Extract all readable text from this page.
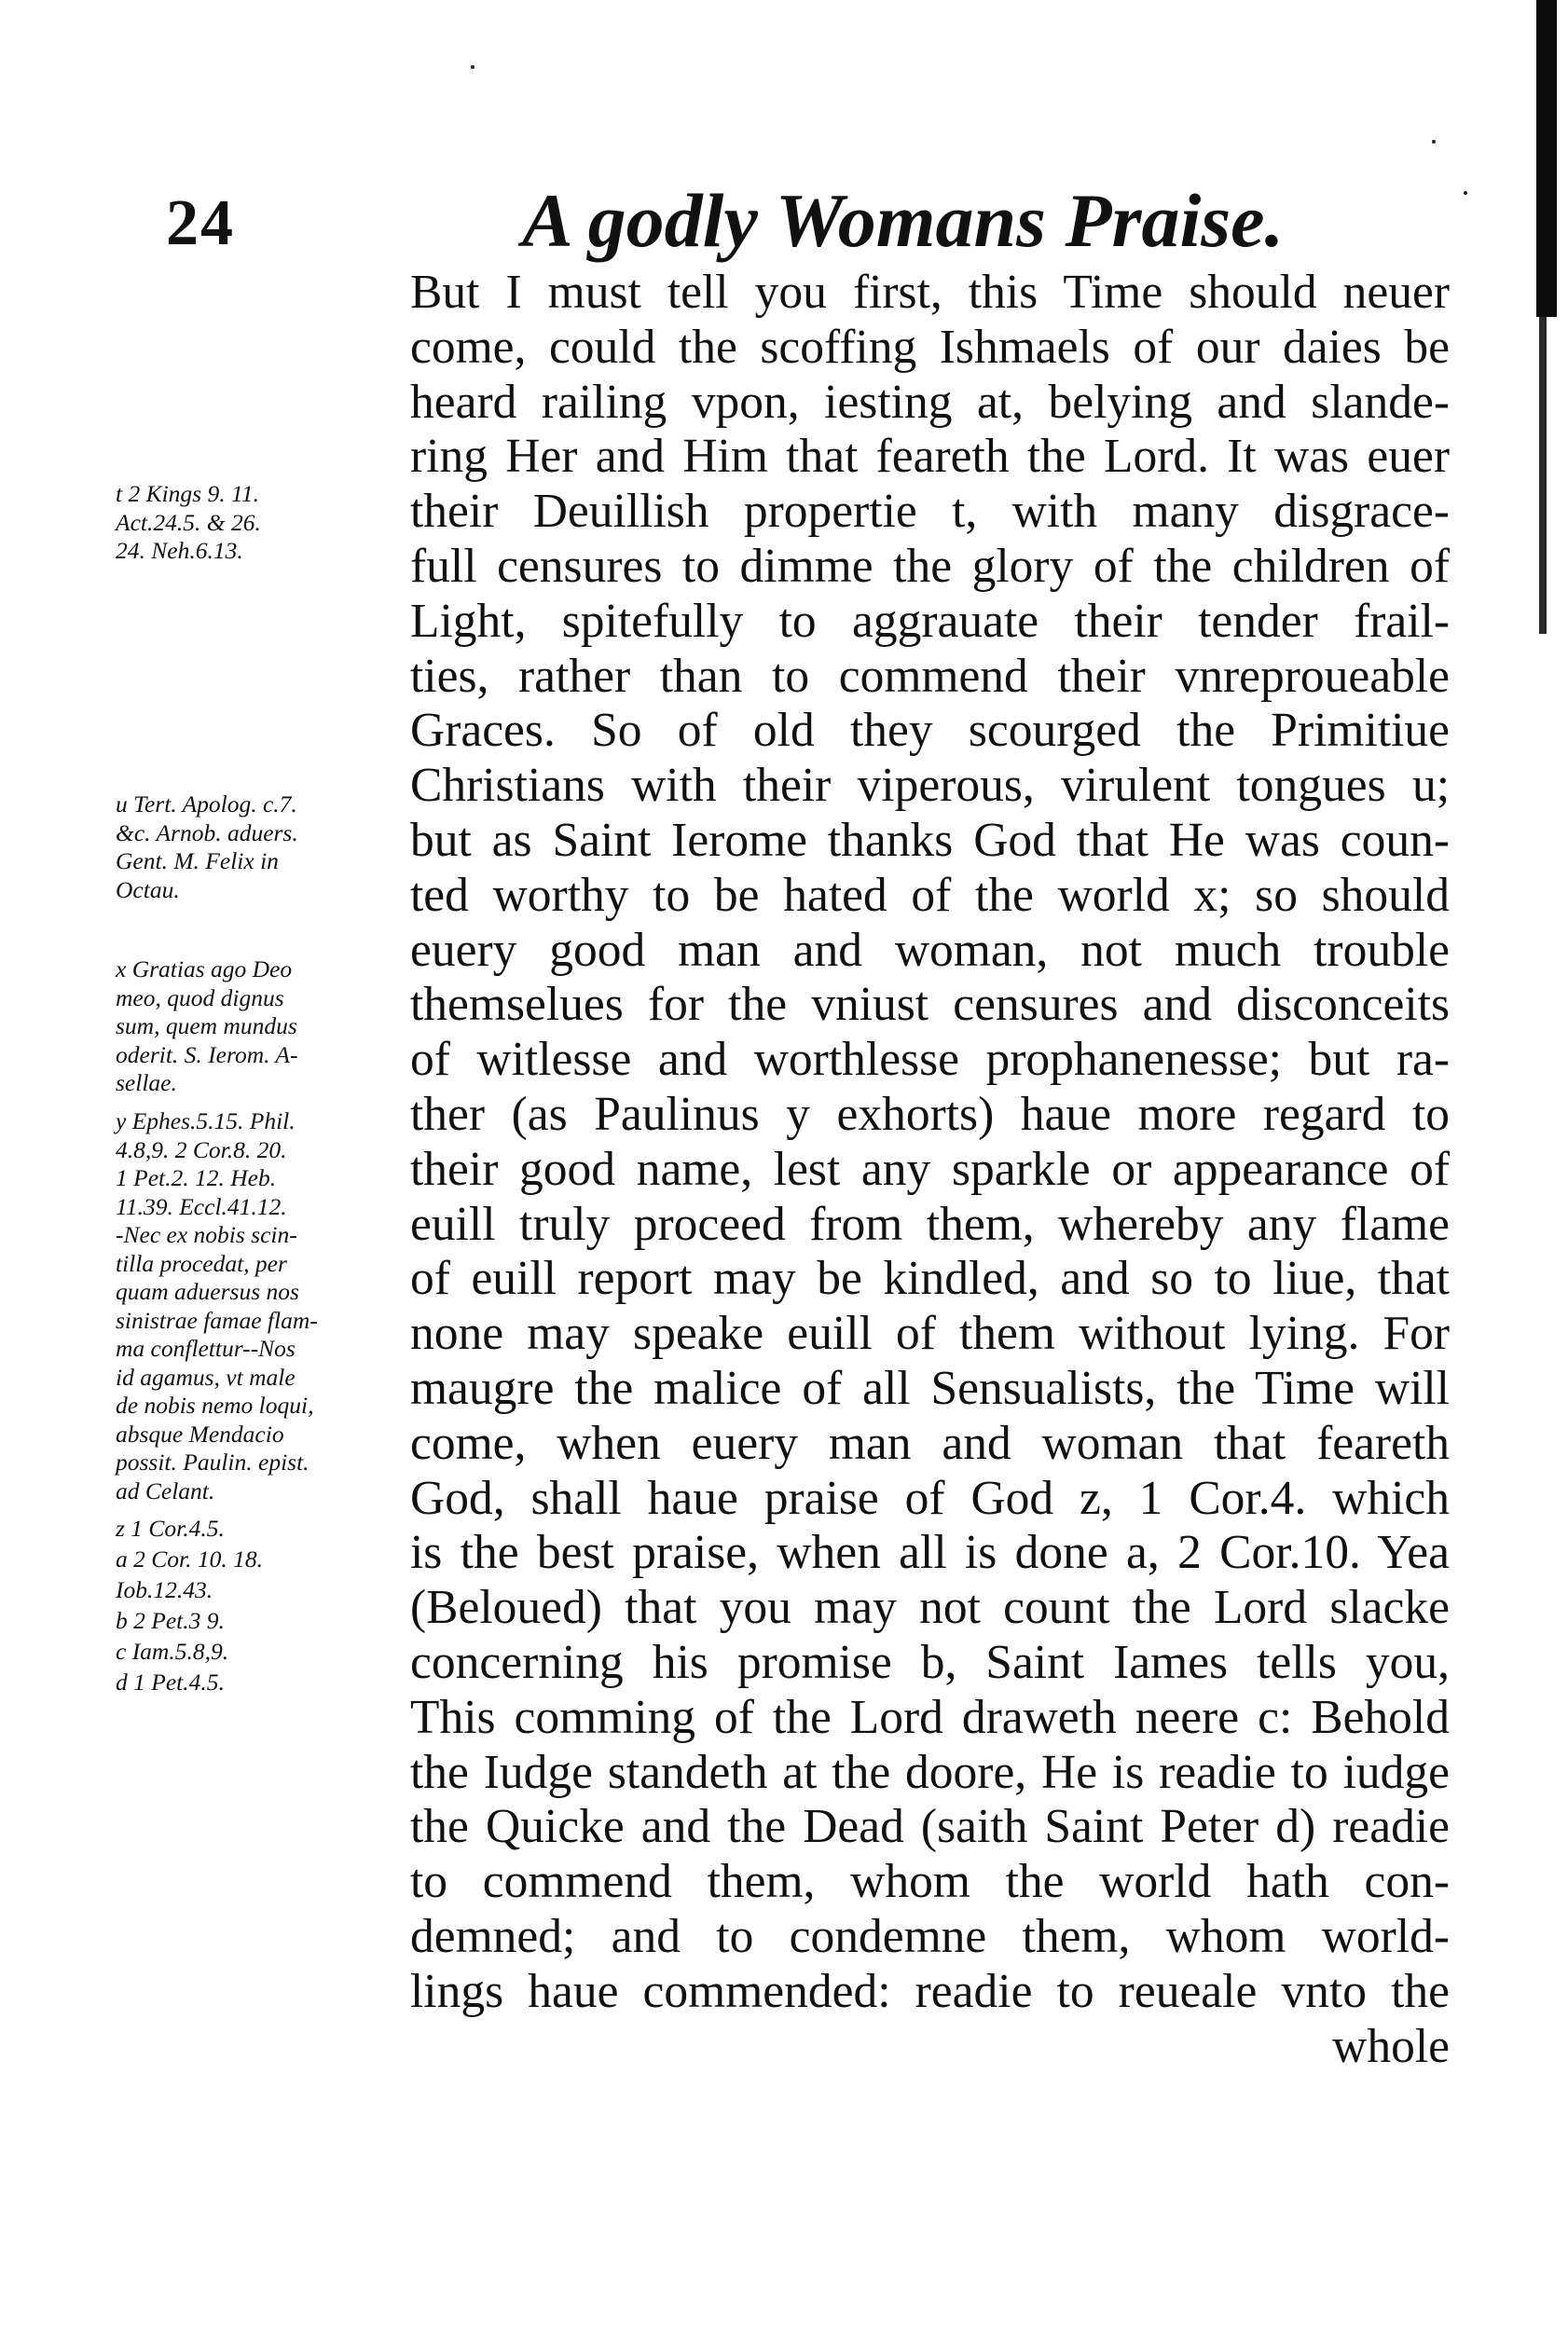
24	A godly Womans Praise.
t 2 Kings 9. 11.
Act.24.5. & 26.
24. Neh.6.13.
u Tert. Apolog. c.7.
&c. Arnob. aduers.
Gent. M. Felix in
Octau.
x Gratias ago Deo
meo, quod dignus
sum, quem mundus
oderit. S. Ierom. A-
sellae.
y Ephes.5.15. Phil.
4.8,9. 2 Cor.8. 20.
1 Pet.2. 12. Heb.
11.39. Eccl.41.12.
-Nec ex nobis scin-
tilla procedat, per
quam aduersus nos
sinistrae famae flam-
ma conflettur--Nos
id agamus, vt male
de nobis nemo loqui,
absque Mendacio
possit. Paulin. epist.
ad Celant.
z 1 Cor.4.5.
a 2 Cor. 10. 18.
Iob.12.43.
b 2 Pet.3 9.
c Iam.5.8,9.
d 1 Pet.4.5.
But I must tell you first, this Time should neuer
come, could the scoffing Ishmaels of our daies be
heard railing vpon, iesting at, belying and slande-
ring Her and Him that feareth the Lord. It was euer
their Deuillish propertie t, with many disgrace-
full censures to dimme the glory of the children of
Light, spitefully to aggrauate their tender frail-
ties, rather than to commend their vnreproueable
Graces. So of old they scourged the Primitiue
Christians with their viperous, virulent tongues u;
but as Saint Ierome thanks God that He was coun-
ted worthy to be hated of the world x; so should
euery good man and woman, not much trouble
themselues for the vniust censures and disconceits
of witlesse and worthlesse prophanenesse; but ra-
ther (as Paulinus y exhorts) haue more regard to
their good name, lest any sparkle or appearance of
euill truly proceed from them, whereby any flame
of euill report may be kindled, and so to liue, that
none may speake euill of them without lying. For
maugre the malice of all Sensualists, the Time will
come, when euery man and woman that feareth
God, shall haue praise of God z, 1 Cor.4. which
is the best praise, when all is done a, 2 Cor.10. Yea
(Beloued) that you may not count the Lord slacke
concerning his promise b, Saint Iames tells you,
This comming of the Lord draweth neere c: Behold
the Iudge standeth at the doore, He is readie to iudge
the Quicke and the Dead (saith Saint Peter d) readie
to commend them, whom the world hath con-
demned; and to condemne them, whom world-
lings haue commended: readie to reueale vnto the
whole
